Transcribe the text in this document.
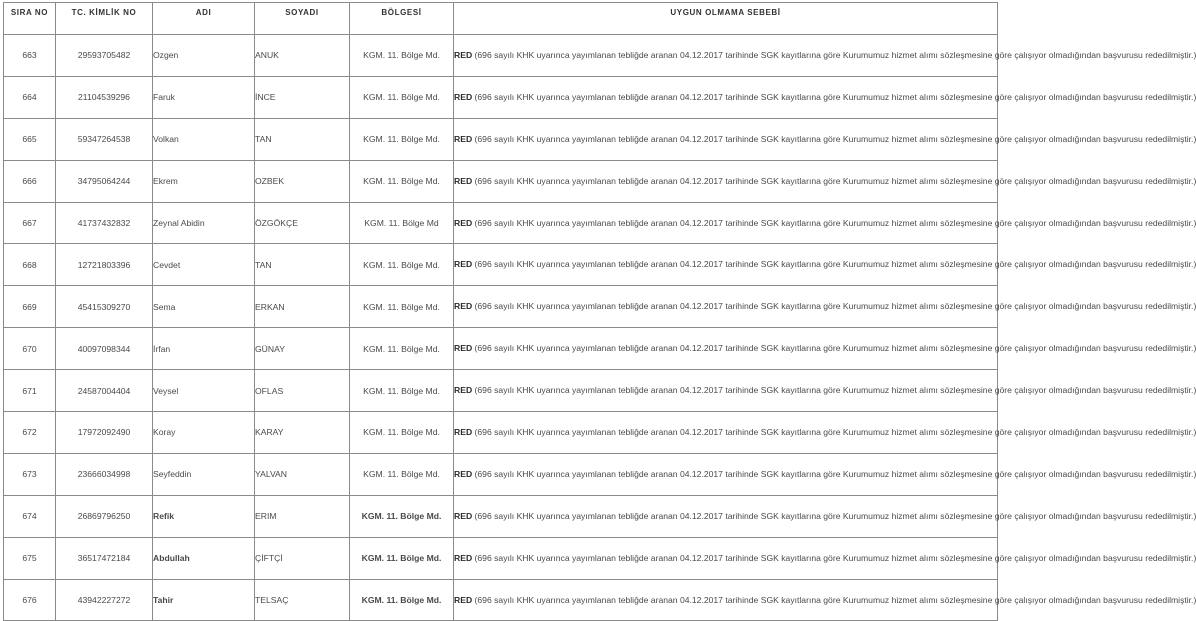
SIRA NO	TC. KİMLİK NO	ADI	SOYADI	BÖLGESİ	UYGUN OLMAMA SEBEBİ
663	29593705482	Ozgen	ANUK	KGM. 11. Bölge Md.	RED (696 sayılı KHK uyarınca yayımlanan tebliğde aranan 04.12.2017 tarihinde SGK kayıtlarına göre Kurumumuz hizmet alımı sözleşmesine göre çalışıyor olmadığından başvurusu rededilmiştir.)
664	21104539296	Faruk	İNCE	KGM. 11. Bölge Md.	RED (696 sayılı KHK uyarınca yayımlanan tebliğde aranan 04.12.2017 tarihinde SGK kayıtlarına göre Kurumumuz hizmet alımı sözleşmesine göre çalışıyor olmadığından başvurusu rededilmiştir.)
665	59347264538	Volkan	TAN	KGM. 11. Bölge Md.	RED (696 sayılı KHK uyarınca yayımlanan tebliğde aranan 04.12.2017 tarihinde SGK kayıtlarına göre Kurumumuz hizmet alımı sözleşmesine göre çalışıyor olmadığından başvurusu rededilmiştir.)
666	34795064244	Ekrem	OZBEK	KGM. 11. Bölge Md.	RED (696 sayılı KHK uyarınca yayımlanan tebliğde aranan 04.12.2017 tarihinde SGK kayıtlarına göre Kurumumuz hizmet alımı sözleşmesine göre çalışıyor olmadığından başvurusu rededilmiştir.)
667	41737432832	Zeynal Abidin	ÖZGÖKÇE	KGM. 11. Bölge Md	RED (696 sayılı KHK uyarınca yayımlanan tebliğde aranan 04.12.2017 tarihinde SGK kayıtlarına göre Kurumumuz hizmet alımı sözleşmesine göre çalışıyor olmadığından başvurusu rededilmiştir.)
668	12721803396	Cevdet	TAN	KGM. 11. Bölge Md.	RED (696 sayılı KHK uyarınca yayımlanan tebliğde aranan 04.12.2017 tarihinde SGK kayıtlarına göre Kurumumuz hizmet alımı sözleşmesine göre çalışıyor olmadığından başvurusu rededilmiştir.)
669	45415309270	Sema	ERKAN	KGM. 11. Bölge Md.	RED (696 sayılı KHK uyarınca yayımlanan tebliğde aranan 04.12.2017 tarihinde SGK kayıtlarına göre Kurumumuz hizmet alımı sözleşmesine göre çalışıyor olmadığından başvurusu rededilmiştir.)
670	40097098344	İrfan	GÜNAY	KGM. 11. Bölge Md.	RED (696 sayılı KHK uyarınca yayımlanan tebliğde aranan 04.12.2017 tarihinde SGK kayıtlarına göre Kurumumuz hizmet alımı sözleşmesine göre çalışıyor olmadığından başvurusu rededilmiştir.)
671	24587004404	Veysel	OFLAS	KGM. 11. Bölge Md.	RED (696 sayılı KHK uyarınca yayımlanan tebliğde aranan 04.12.2017 tarihinde SGK kayıtlarına göre Kurumumuz hizmet alımı sözleşmesine göre çalışıyor olmadığından başvurusu rededilmiştir.)
672	17972092490	Koray	KARAY	KGM. 11. Bölge Md.	RED (696 sayılı KHK uyarınca yayımlanan tebliğde aranan 04.12.2017 tarihinde SGK kayıtlarına göre Kurumumuz hizmet alımı sözleşmesine göre çalışıyor olmadığından başvurusu rededilmiştir.)
673	23666034998	Seyfeddin	YALVAN	KGM. 11. Bölge Md.	RED (696 sayılı KHK uyarınca yayımlanan tebliğde aranan 04.12.2017 tarihinde SGK kayıtlarına göre Kurumumuz hizmet alımı sözleşmesine göre çalışıyor olmadığından başvurusu rededilmiştir.)
674	26869796250	Refik	ERIM	KGM. 11. Bölge Md.	RED (696 sayılı KHK uyarınca yayımlanan tebliğde aranan 04.12.2017 tarihinde SGK kayıtlarına göre Kurumumuz hizmet alımı sözleşmesine göre çalışıyor olmadığından başvurusu rededilmiştir.)
675	36517472184	Abdullah	ÇİFTÇİ	KGM. 11. Bölge Md.	RED (696 sayılı KHK uyarınca yayımlanan tebliğde aranan 04.12.2017 tarihinde SGK kayıtlarına göre Kurumumuz hizmet alımı sözleşmesine göre çalışıyor olmadığından başvurusu rededilmiştir.)
676	43942227272	Tahir	TELSAÇ	KGM. 11. Bölge Md.	RED (696 sayılı KHK uyarınca yayımlanan tebliğde aranan 04.12.2017 tarihinde SGK kayıtlarına göre Kurumumuz hizmet alımı sözleşmesine göre çalışıyor olmadığından başvurusu rededilmiştir.)
